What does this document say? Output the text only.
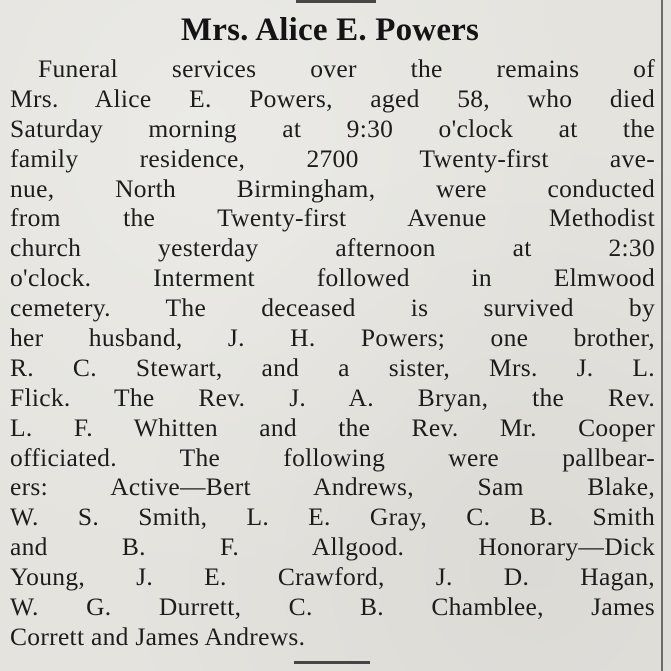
Mrs. Alice E. Powers
Funeral services over the remains of
Mrs. Alice E. Powers, aged 58, who died
Saturday morning at 9:30 o'clock at the
family residence, 2700 Twenty-first ave-
nue, North Birmingham, were conducted
from the Twenty-first Avenue Methodist
church yesterday afternoon at 2:30
o'clock. Interment followed in Elmwood
cemetery. The deceased is survived by
her husband, J. H. Powers; one brother,
R. C. Stewart, and a sister, Mrs. J. L.
Flick. The Rev. J. A. Bryan, the Rev.
L. F. Whitten and the Rev. Mr. Cooper
officiated. The following were pallbear-
ers: Active—Bert Andrews, Sam Blake,
W. S. Smith, L. E. Gray, C. B. Smith
and B. F. Allgood. Honorary—Dick
Young, J. E. Crawford, J. D. Hagan,
W. G. Durrett, C. B. Chamblee, James
Corrett and James Andrews.
